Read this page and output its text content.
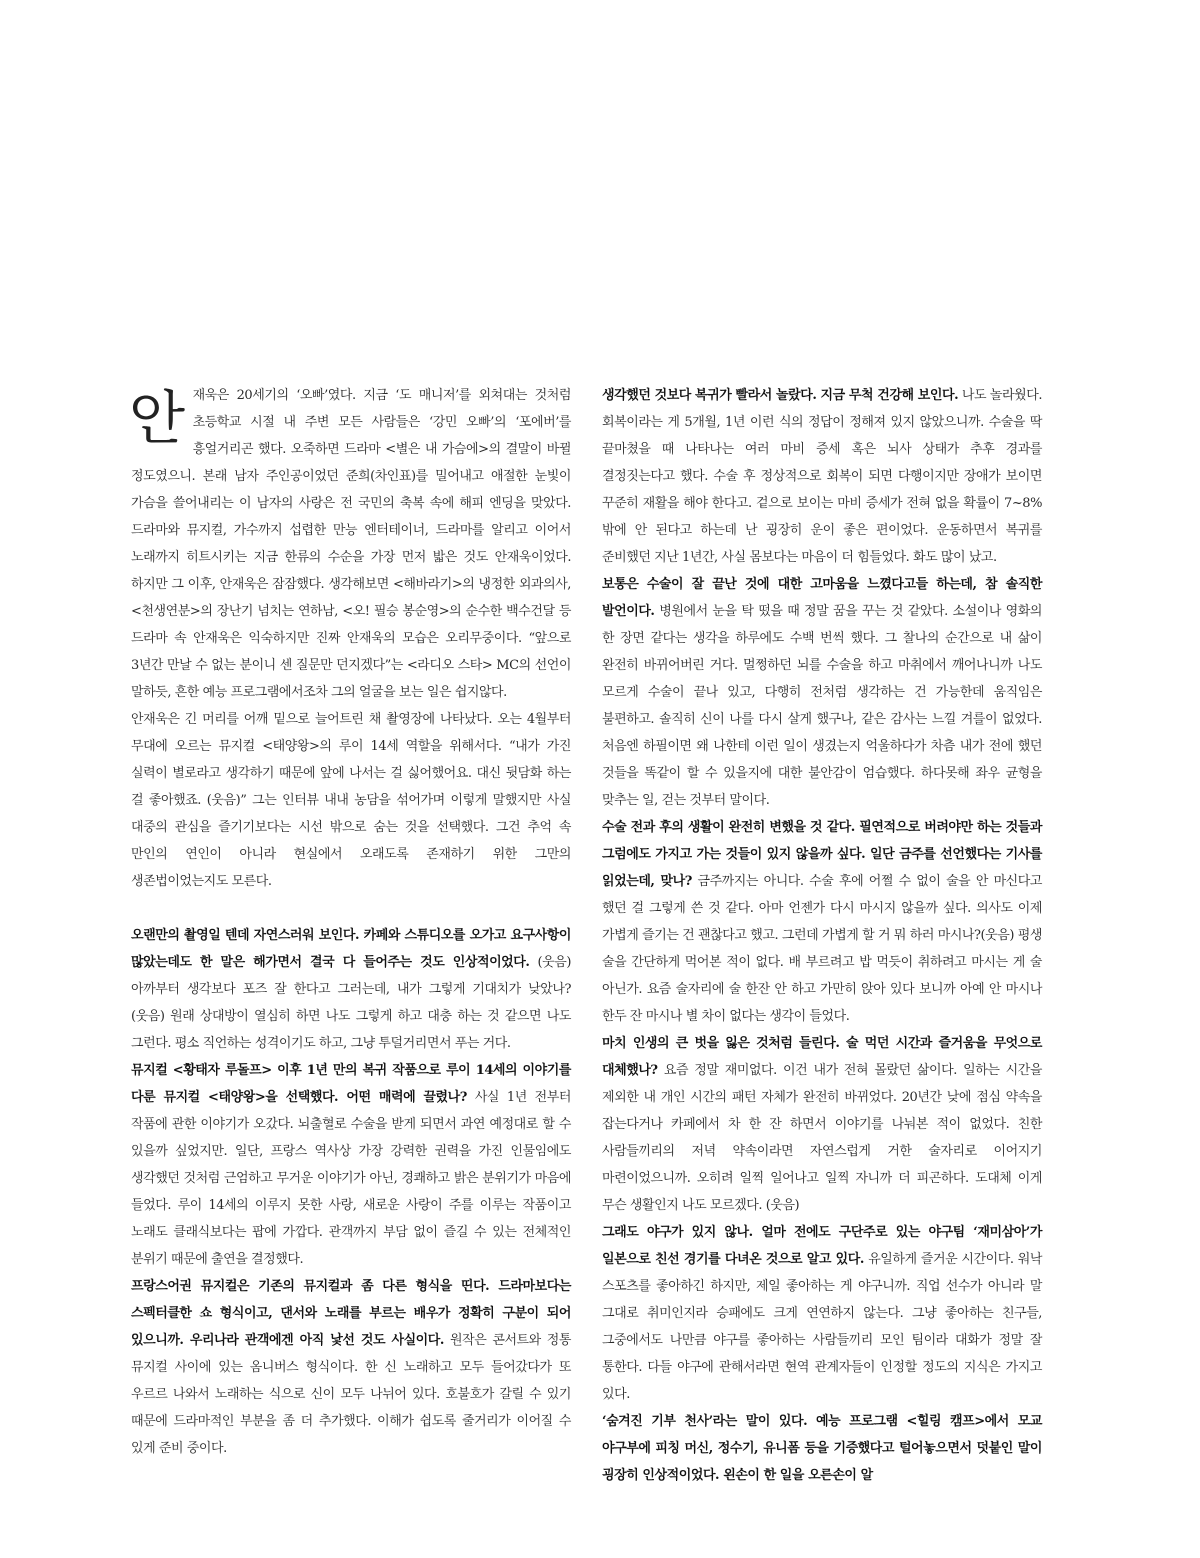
안재욱은 20세기의 ‘오빠’였다. 지금 ‘도 매니저’를 외쳐대는 것처럼 초등학교 시절 내 주변 모든 사람들은 ‘강민 오빠’의 ‘포에버’를 흥얼거리곤 했다. 오죽하면 드라마 <별은 내 가슴에>의 결말이 바뀔 정도였으니. 본래 남자 주인공이었던 준희(차인표)를 밀어내고 애절한 눈빛이 가슴을 쓸어내리는 이 남자의 사랑은 전 국민의 축복 속에 해피 엔딩을 맞았다. 드라마와 뮤지컬, 가수까지 섭렵한 만능 엔터테이너, 드라마를 알리고 이어서 노래까지 히트시키는 지금 한류의 수순을 가장 먼저 밟은 것도 안재욱이었다. 하지만 그 이후, 안재욱은 잠잠했다. 생각해보면 <해바라기>의 냉정한 외과의사, <천생연분>의 장난기 넘치는 연하남, <오! 필승 봉순영>의 순수한 백수건달 등 드라마 속 안재욱은 익숙하지만 진짜 안재욱의 모습은 오리무중이다. “앞으로 3년간 만날 수 없는 분이니 센 질문만 던지겠다”는 <라디오 스타> MC의 선언이 말하듯, 흔한 예능 프로그램에서조차 그의 얼굴을 보는 일은 쉽지않다.

안재욱은 긴 머리를 어깨 밑으로 늘어트린 채 촬영장에 나타났다. 오는 4월부터 무대에 오르는 뮤지컬 <태양왕>의 루이 14세 역할을 위해서다. “내가 가진 실력이 별로라고 생각하기 때문에 앞에 나서는 걸 싫어했어요. 대신 뒷담화 하는 걸 좋아했죠. (웃음)” 그는 인터뷰 내내 농담을 섞어가며 이렇게 말했지만 사실 대중의 관심을 즐기기보다는 시선 밖으로 숨는 것을 선택했다. 그건 추억 속 만인의 연인이 아니라 현실에서 오래도록 존재하기 위한 그만의 생존법이었는지도 모른다.

오랜만의 촬영일 텐데 자연스러워 보인다. 카페와 스튜디오를 오가고 요구사항이 많았는데도 한 말은 해가면서 결국 다 들어주는 것도 인상적이었다. (웃음) 아까부터 생각보다 포즈 잘 한다고 그러는데, 내가 그렇게 기대치가 낮았나?(웃음) 원래 상대방이 열심히 하면 나도 그렇게 하고 대충 하는 것 같으면 나도 그런다. 평소 직언하는 성격이기도 하고, 그냥 투덜거리면서 푸는 거다.

뮤지컬 <황태자 루돌프> 이후 1년 만의 복귀 작품으로 루이 14세의 이야기를 다룬 뮤지컬 <태양왕>을 선택했다. 어떤 매력에 끌렸나? 사실 1년 전부터 작품에 관한 이야기가 오갔다. 뇌출혈로 수술을 받게 되면서 과연 예정대로 할 수 있을까 싶었지만. 일단, 프랑스 역사상 가장 강력한 권력을 가진 인물임에도 생각했던 것처럼 근엄하고 무거운 이야기가 아닌, 경쾌하고 밝은 분위기가 마음에 들었다. 루이 14세의 이루지 못한 사랑, 새로운 사랑이 주를 이루는 작품이고 노래도 클래식보다는 팝에 가깝다. 관객까지 부담 없이 즐길 수 있는 전체적인 분위기 때문에 출연을 결정했다.

프랑스어권 뮤지컬은 기존의 뮤지컬과 좀 다른 형식을 띤다. 드라마보다는 스펙터클한 쇼 형식이고, 댄서와 노래를 부르는 배우가 정확히 구분이 되어 있으니까. 우리나라 관객에겐 아직 낯선 것도 사실이다. 원작은 콘서트와 정통 뮤지컬 사이에 있는 옴니버스 형식이다. 한 신 노래하고 모두 들어갔다가 또 우르르 나와서 노래하는 식으로 신이 모두 나뉘어 있다. 호불호가 갈릴 수 있기 때문에 드라마적인 부분을 좀 더 추가했다. 이해가 쉽도록 줄거리가 이어질 수 있게 준비 중이다.

생각했던 것보다 복귀가 빨라서 놀랐다. 지금 무척 건강해 보인다. 나도 놀라웠다. 회복이라는 게 5개월, 1년 이런 식의 정답이 정해져 있지 않았으니까. 수술을 딱 끝마쳤을 때 나타나는 여러 마비 증세 혹은 뇌사 상태가 추후 경과를 결정짓는다고 했다. 수술 후 정상적으로 회복이 되면 다행이지만 장애가 보이면 꾸준히 재활을 해야 한다고. 겉으로 보이는 마비 증세가 전혀 없을 확률이 7~8%밖에 안 된다고 하는데 난 굉장히 운이 좋은 편이었다. 운동하면서 복귀를 준비했던 지난 1년간, 사실 몸보다는 마음이 더 힘들었다. 화도 많이 났고.

보통은 수술이 잘 끝난 것에 대한 고마움을 느꼈다고들 하는데, 참 솔직한 발언이다. 병원에서 눈을 탁 떴을 때 정말 꿈을 꾸는 것 같았다. 소설이나 영화의 한 장면 같다는 생각을 하루에도 수백 번씩 했다. 그 찰나의 순간으로 내 삶이 완전히 바뀌어버린 거다. 멀쩡하던 뇌를 수술을 하고 마취에서 깨어나니까 나도 모르게 수술이 끝나 있고, 다행히 전처럼 생각하는 건 가능한데 움직임은 불편하고. 솔직히 신이 나를 다시 살게 했구나, 같은 감사는 느낄 겨를이 없었다. 처음엔 하필이면 왜 나한테 이런 일이 생겼는지 억울하다가 차츰 내가 전에 했던 것들을 똑같이 할 수 있을지에 대한 불안감이 엄습했다. 하다못해 좌우 균형을 맞추는 일, 걷는 것부터 말이다.

수술 전과 후의 생활이 완전히 변했을 것 같다. 필연적으로 버려야만 하는 것들과 그럼에도 가지고 가는 것들이 있지 않을까 싶다. 일단 금주를 선언했다는 기사를 읽었는데, 맞나? 금주까지는 아니다. 수술 후에 어쩔 수 없이 술을 안 마신다고 했던 걸 그렇게 쓴 것 같다. 아마 언젠가 다시 마시지 않을까 싶다. 의사도 이제 가볍게 즐기는 건 괜찮다고 했고. 그런데 가볍게 할 거 뭐 하러 마시나?(웃음) 평생 술을 간단하게 먹어본 적이 없다. 배 부르려고 밥 먹듯이 취하려고 마시는 게 술 아닌가. 요즘 술자리에 술 한잔 안 하고 가만히 앉아 있다 보니까 아예 안 마시나 한두 잔 마시나 별 차이 없다는 생각이 들었다.

마치 인생의 큰 벗을 잃은 것처럼 들린다. 술 먹던 시간과 즐거움을 무엇으로 대체했나? 요즘 정말 재미없다. 이건 내가 전혀 몰랐던 삶이다. 일하는 시간을 제외한 내 개인 시간의 패턴 자체가 완전히 바뀌었다. 20년간 낮에 점심 약속을 잡는다거나 카페에서 차 한 잔 하면서 이야기를 나눠본 적이 없었다. 친한 사람들끼리의 저녁 약속이라면 자연스럽게 거한 술자리로 이어지기 마련이었으니까. 오히려 일찍 일어나고 일찍 자니까 더 피곤하다. 도대체 이게 무슨 생활인지 나도 모르겠다. (웃음)

그래도 야구가 있지 않나. 얼마 전에도 구단주로 있는 야구팀 ‘재미삼아’가 일본으로 친선 경기를 다녀온 것으로 알고 있다. 유일하게 즐거운 시간이다. 워낙 스포츠를 좋아하긴 하지만, 제일 좋아하는 게 야구니까. 직업 선수가 아니라 말 그대로 취미인지라 승패에도 크게 연연하지 않는다. 그냥 좋아하는 친구들, 그중에서도 나만큼 야구를 좋아하는 사람들끼리 모인 팀이라 대화가 정말 잘 통한다. 다들 야구에 관해서라면 현역 관계자들이 인정할 정도의 지식은 가지고 있다.

‘숨겨진 기부 천사’라는 말이 있다. 예능 프로그램 <힐링 캠프>에서 모교 야구부에 피칭 머신, 정수기, 유니폼 등을 기증했다고 털어놓으면서 덧붙인 말이 굉장히 인상적이었다. 왼손이 한 일을 오른손이 알
